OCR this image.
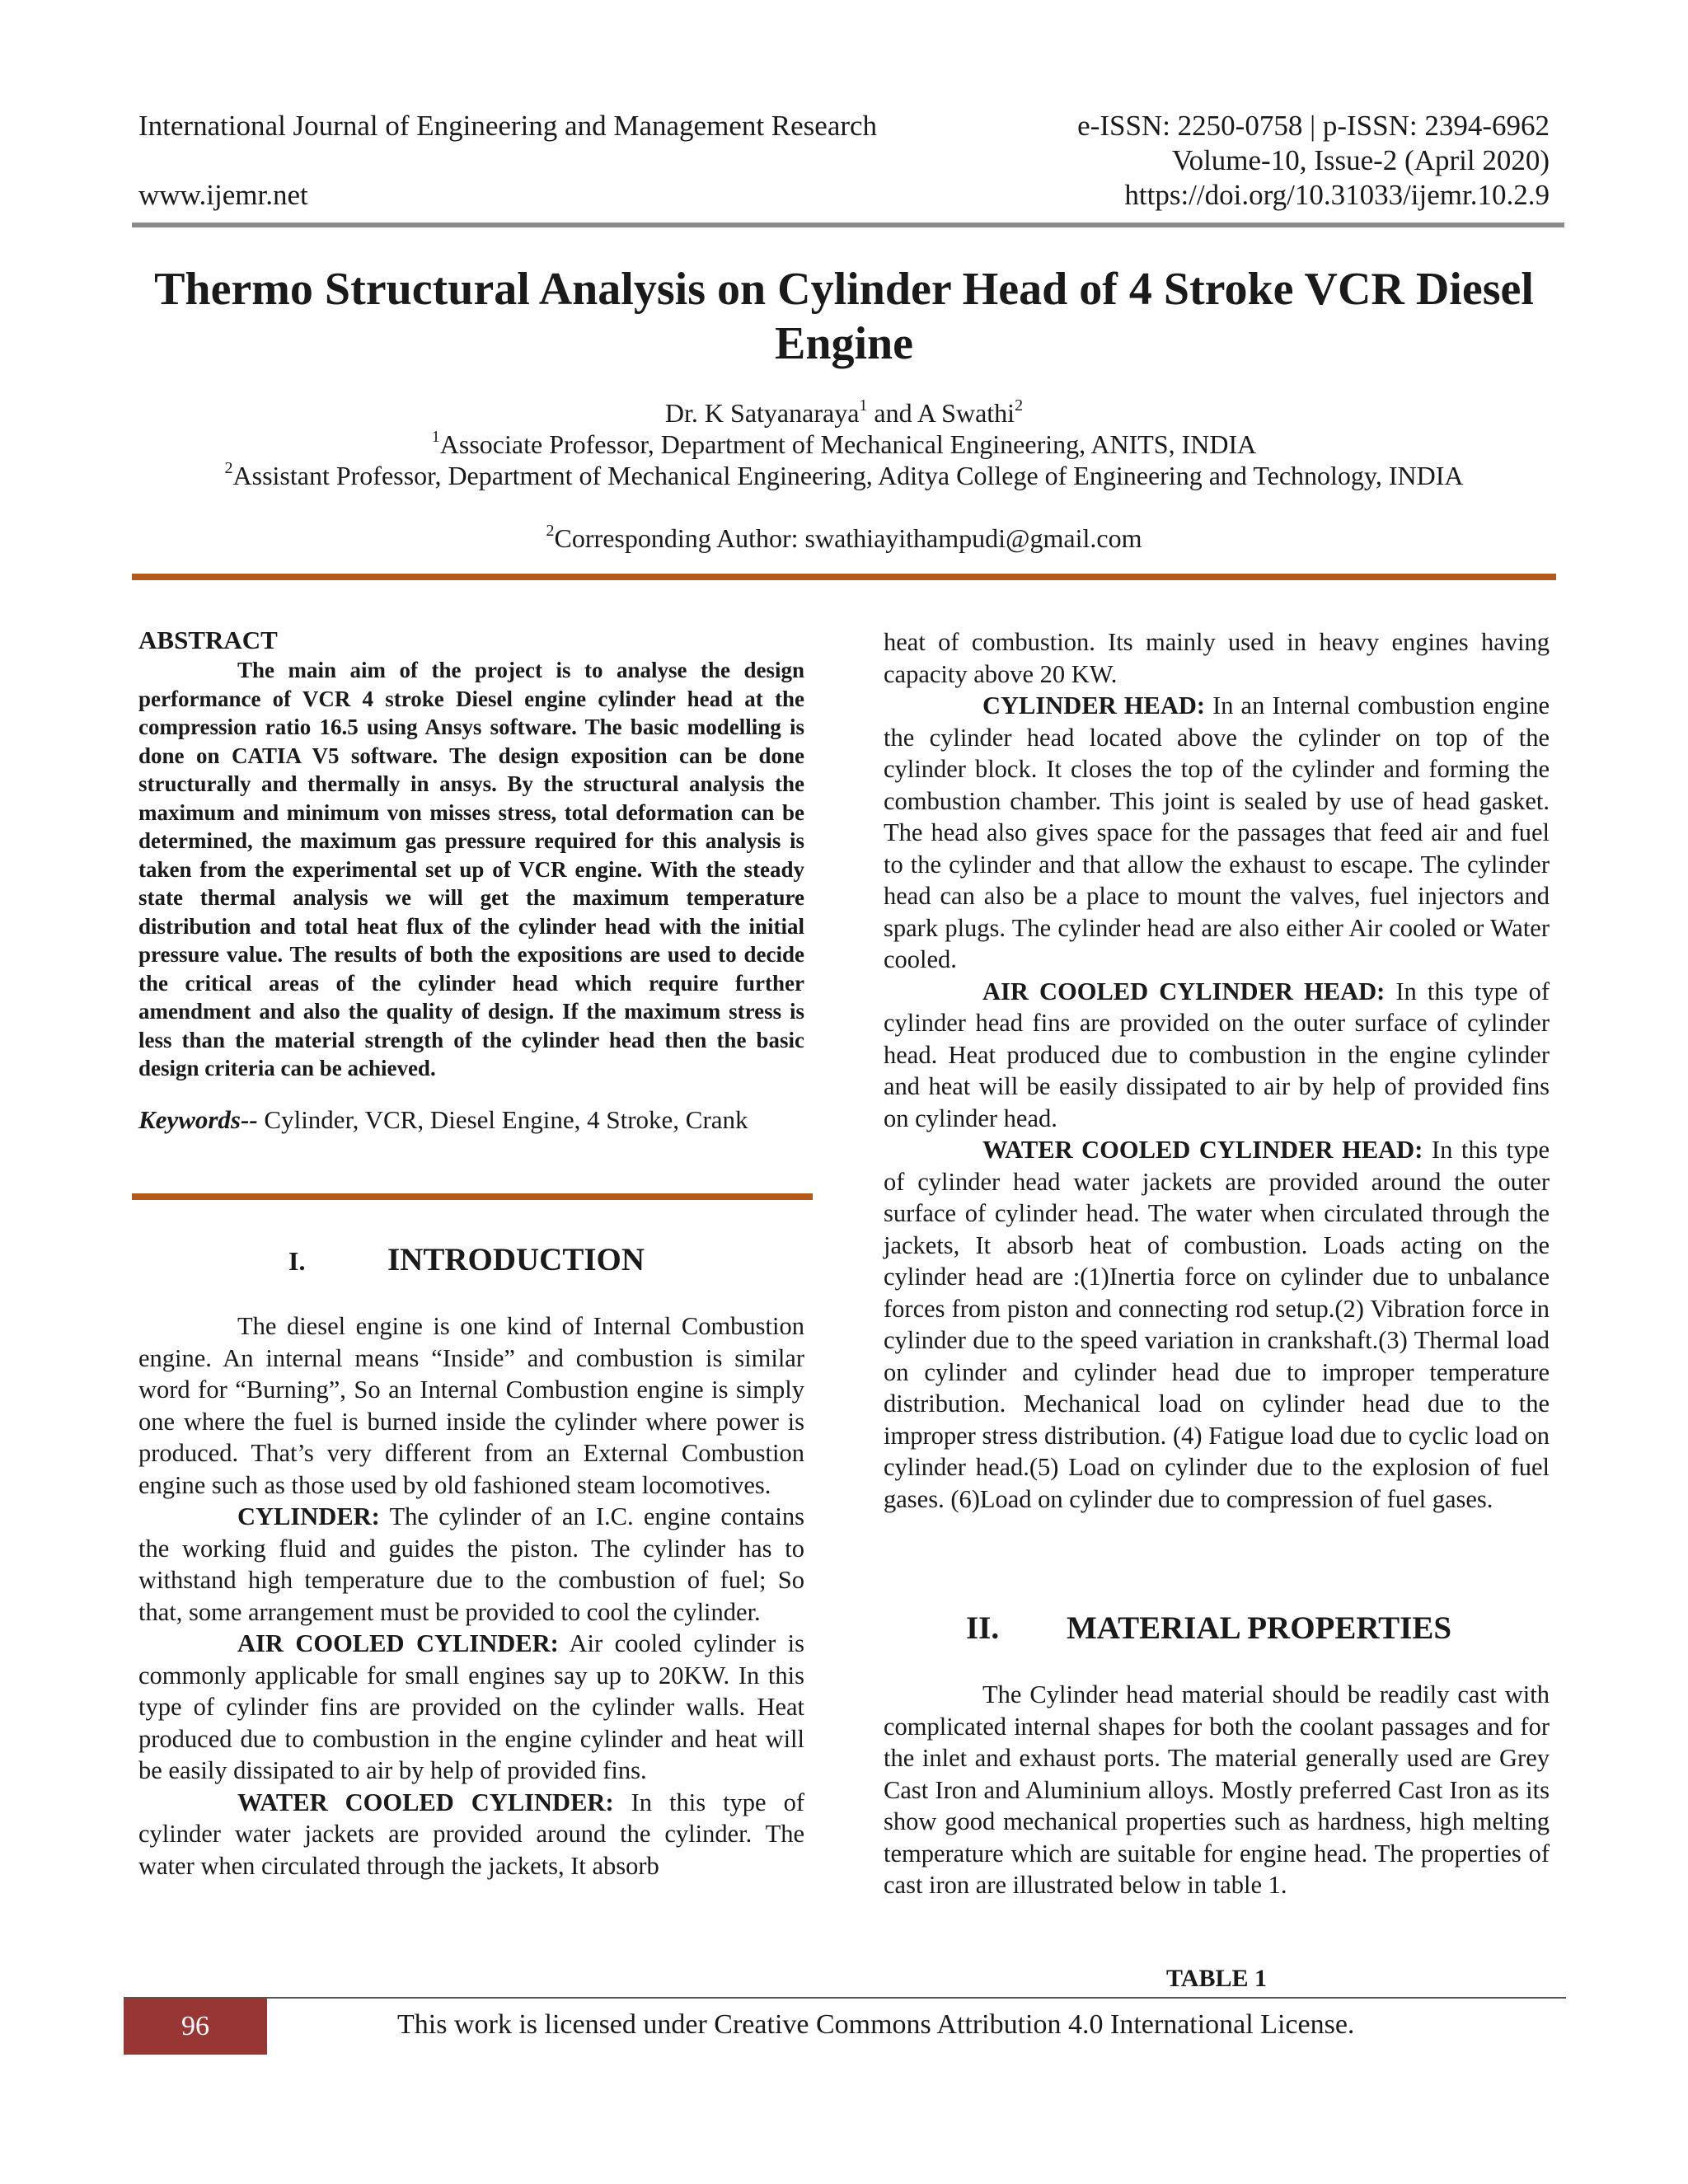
International Journal of Engineering and Management Research	e-ISSN: 2250-0758 | p-ISSN: 2394-6962
Volume-10, Issue-2 (April 2020)
www.ijemr.net	https://doi.org/10.31033/ijemr.10.2.9
Thermo Structural Analysis on Cylinder Head of 4 Stroke VCR Diesel Engine
Dr. K Satyanaraya$^1$ and A Swathi$^2$
$^1$Associate Professor, Department of Mechanical Engineering, ANITS, INDIA
$^2$Assistant Professor, Department of Mechanical Engineering, Aditya College of Engineering and Technology, INDIA
$^2$Corresponding Author: swathiayithampudi@gmail.com
ABSTRACT
The main aim of the project is to analyse the design performance of VCR 4 stroke Diesel engine cylinder head at the compression ratio 16.5 using Ansys software. The basic modelling is done on CATIA V5 software. The design exposition can be done structurally and thermally in ansys. By the structural analysis the maximum and minimum von misses stress, total deformation can be determined, the maximum gas pressure required for this analysis is taken from the experimental set up of VCR engine. With the steady state thermal analysis we will get the maximum temperature distribution and total heat flux of the cylinder head with the initial pressure value. The results of both the expositions are used to decide the critical areas of the cylinder head which require further amendment and also the quality of design. If the maximum stress is less than the material strength of the cylinder head then the basic design criteria can be achieved.
Keywords-- Cylinder, VCR, Diesel Engine, 4 Stroke, Crank
I.	INTRODUCTION

The diesel engine is one kind of Internal Combustion engine. An internal means “Inside” and combustion is similar word for “Burning”, So an Internal Combustion engine is simply one where the fuel is burned inside the cylinder where power is produced. That’s very different from an External Combustion engine such as those used by old fashioned steam locomotives.

CYLINDER: The cylinder of an I.C. engine contains the working fluid and guides the piston. The cylinder has to withstand high temperature due to the combustion of fuel; So that, some arrangement must be provided to cool the cylinder.

AIR COOLED CYLINDER: Air cooled cylinder is commonly applicable for small engines say up to 20KW. In this type of cylinder fins are provided on the cylinder walls. Heat produced due to combustion in the engine cylinder and heat will be easily dissipated to air by help of provided fins.

WATER COOLED CYLINDER: In this type of cylinder water jackets are provided around the cylinder. The water when circulated through the jackets, It absorb

heat of combustion. Its mainly used in heavy engines having capacity above 20 KW.

CYLINDER HEAD: In an Internal combustion engine the cylinder head located above the cylinder on top of the cylinder block. It closes the top of the cylinder and forming the combustion chamber. This joint is sealed by use of head gasket. The head also gives space for the passages that feed air and fuel to the cylinder and that allow the exhaust to escape. The cylinder head can also be a place to mount the valves, fuel injectors and spark plugs. The cylinder head are also either Air cooled or Water cooled.

AIR COOLED CYLINDER HEAD: In this type of cylinder head fins are provided on the outer surface of cylinder head. Heat produced due to combustion in the engine cylinder and heat will be easily dissipated to air by help of provided fins on cylinder head.

WATER COOLED CYLINDER HEAD: In this type of cylinder head water jackets are provided around the outer surface of cylinder head. The water when circulated through the jackets, It absorb heat of combustion. Loads acting on the cylinder head are :(1)Inertia force on cylinder due to unbalance forces from piston and connecting rod setup.(2) Vibration force in cylinder due to the speed variation in crankshaft.(3) Thermal load on cylinder and cylinder head due to improper temperature distribution. Mechanical load on cylinder head due to the improper stress distribution. (4) Fatigue load due to cyclic load on cylinder head.(5) Load on cylinder due to the explosion of fuel gases. (6)Load on cylinder due to compression of fuel gases.

II. MATERIAL PROPERTIES

The Cylinder head material should be readily cast with complicated internal shapes for both the coolant passages and for the inlet and exhaust ports. The material generally used are Grey Cast Iron and Aluminium alloys. Mostly preferred Cast Iron as its show good mechanical properties such as hardness, high melting temperature which are suitable for engine head. The properties of cast iron are illustrated below in table 1.

TABLE 1
96	This work is licensed under Creative Commons Attribution 4.0 International License.
